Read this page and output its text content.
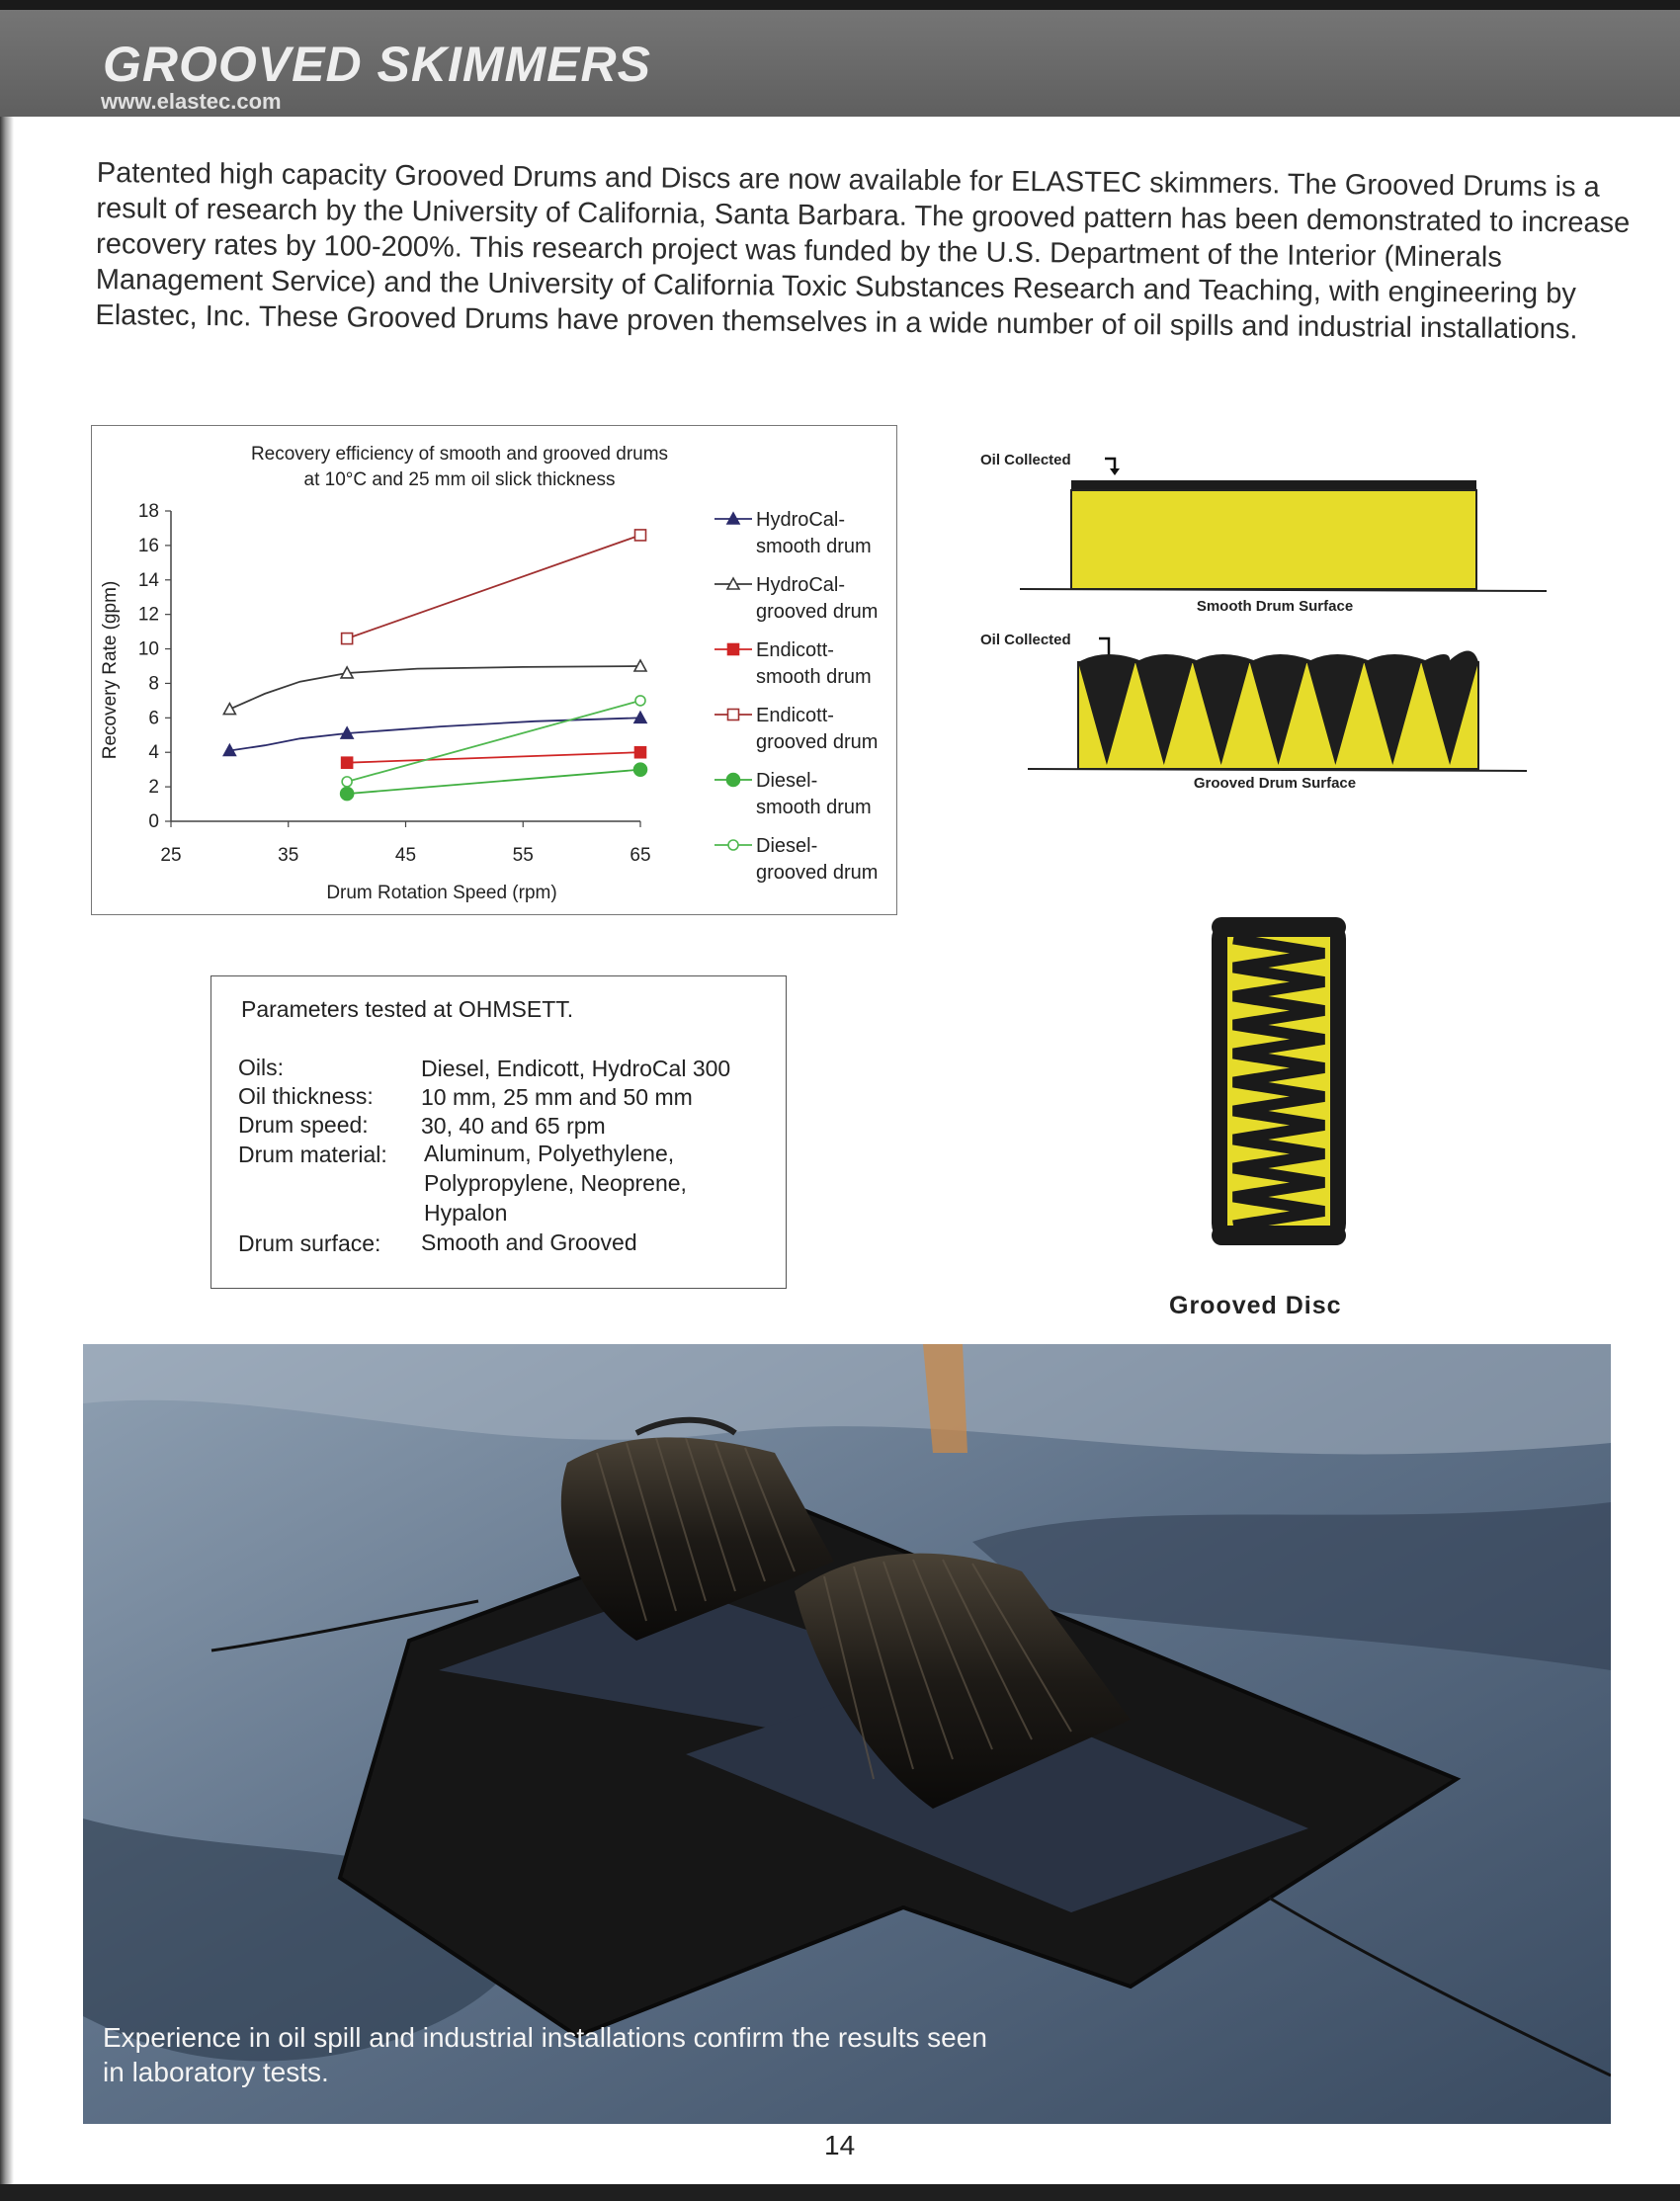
GROOVED SKIMMERS
www.elastec.com

Patented high capacity Grooved Drums and Discs are now available for ELASTEC skimmers. The Grooved Drums is a result of research by the University of California, Santa Barbara. The grooved pattern has been demonstrated to increase recovery rates by 100-200%. This research project was funded by the U.S. Department of the Interior (Minerals Management Service) and the University of California Toxic Substances Research and Teaching, with engineering by Elastec, Inc. These Grooved Drums have proven themselves in a wide number of oil spills and industrial installations.

Recovery efficiency of smooth and grooved drums
at 10°C and 25 mm oil slick thickness
Recovery Rate (gpm)
Drum Rotation Speed (rpm)
0
2
4
6
8
10
12
14
16
18
25	35	45	55	65
HydroCal-
smooth drum
HydroCal-
grooved drum
Endicott-
smooth drum
Endicott-
grooved drum
Diesel-
smooth drum
Diesel-
grooved drum
Oil Collected
Smooth Drum Surface
Oil Collected
Grooved Drum Surface
Parameters tested at OHMSETT.
Oils:	Diesel, Endicott, HydroCal 300
Oil thickness: 10 mm, 25 mm and 50 mm
Drum speed: 30, 40 and 65 rpm
Drum material: Aluminum, Polyethylene, Polypropylene, Neoprene, Hypalon
Drum surface: Smooth and Grooved
Grooved Disc

Experience in oil spill and industrial installations confirm the results seen in laboratory tests.

14
